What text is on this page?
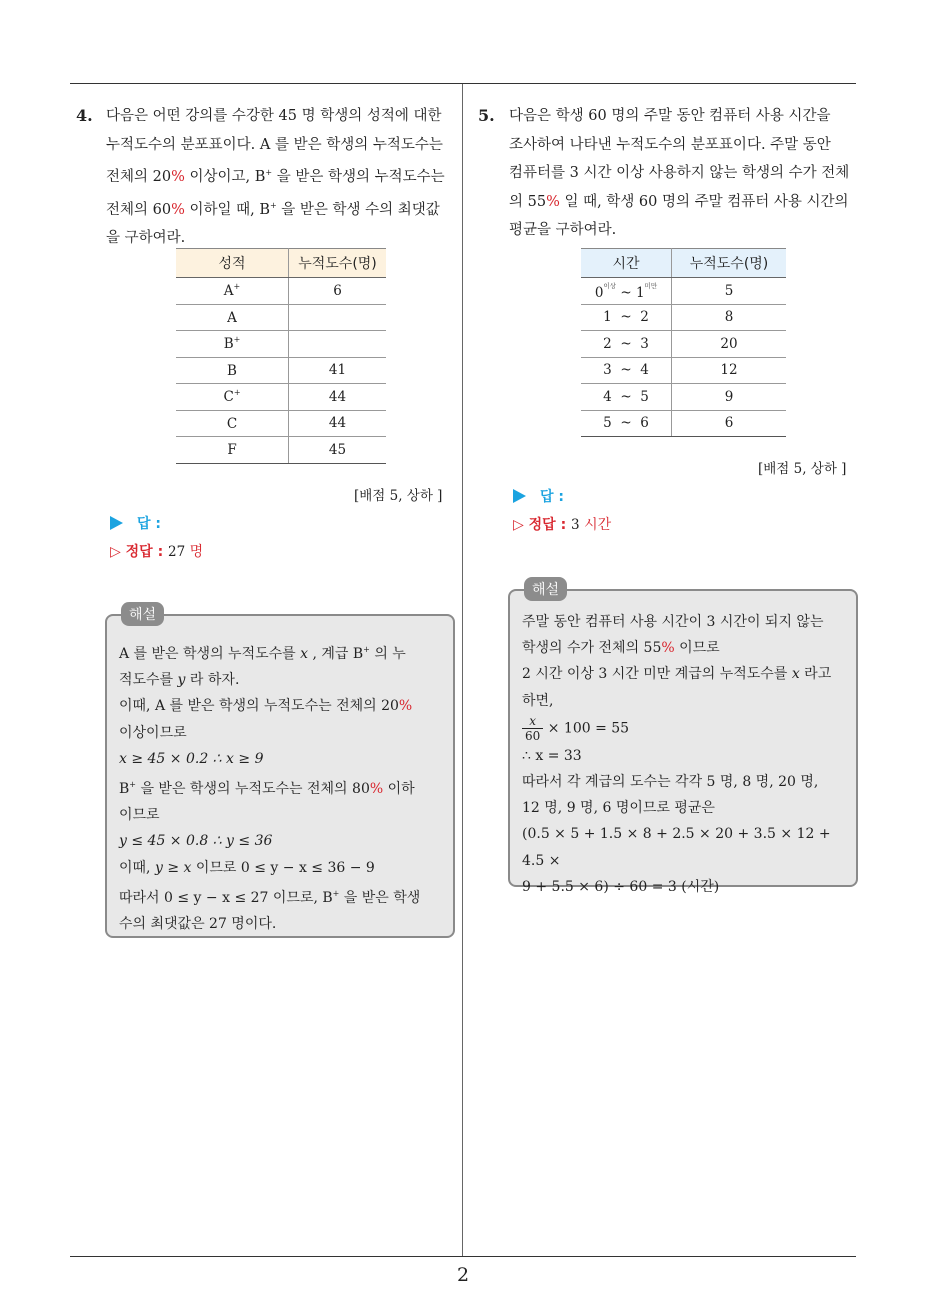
2
4. 다음은 어떤 강의를 수강한 45 명 학생의 성적에 대한
누적도수의 분포표이다. A 를 받은 학생의 누적도수는
전체의 20% 이상이고, B+ 을 받은 학생의 누적도수는
전체의 60% 이하일 때, B+ 을 받은 학생 수의 최댓값
을 구하여라.
성적	누적도수(명)
A+	6
A	
B+	
B	41
C+	44
C	44
F	45
[배점 5, 상하 ]
답 :
▷ 정답 : 27 명
해설
A 를 받은 학생의 누적도수를 x , 계급 B+ 의 누
적도수를 y 라 하자.
이때, A 를 받은 학생의 누적도수는 전체의 20%
이상이므로
x ≥ 45 × 0.2 ∴ x ≥ 9
B+ 을 받은 학생의 누적도수는 전체의 80% 이하
이므로
y ≤ 45 × 0.8 ∴ y ≤ 36
이때, y ≥ x 이므로 0 ≤ y − x ≤ 36 − 9
따라서 0 ≤ y − x ≤ 27 이므로, B+ 을 받은 학생
수의 최댓값은 27 명이다.
5. 다음은 학생 60 명의 주말 동안 컴퓨터 사용 시간을
조사하여 나타낸 누적도수의 분포표이다. 주말 동안
컴퓨터를 3 시간 이상 사용하지 않는 학생의 수가 전체
의 55% 일 때, 학생 60 명의 주말 컴퓨터 사용 시간의
평균을 구하여라.
시간	누적도수(명)
$0^{이상}$ ~ $1^{미만}$	5
1  ~  2	8
2  ~  3	20
3  ~  4	12
4  ~  5	9
5  ~  6	6
[배점 5, 상하 ]
답 :
▷ 정답 : 3 시간
해설
주말 동안 컴퓨터 사용 시간이 3 시간이 되지 않는
학생의 수가 전체의 55% 이므로
2 시간 이상 3 시간 미만 계급의 누적도수를 x 라고
하면,
$\frac{x}{60} \times 100 = 55$
∴ x = 33
따라서 각 계급의 도수는 각각 5 명, 8 명, 20 명,
12 명, 9 명, 6 명이므로 평균은
(0.5 × 5 + 1.5 × 8 + 2.5 × 20 + 3.5 × 12 + 4.5 ×
9 + 5.5 × 6) ÷ 60 = 3 (시간)
